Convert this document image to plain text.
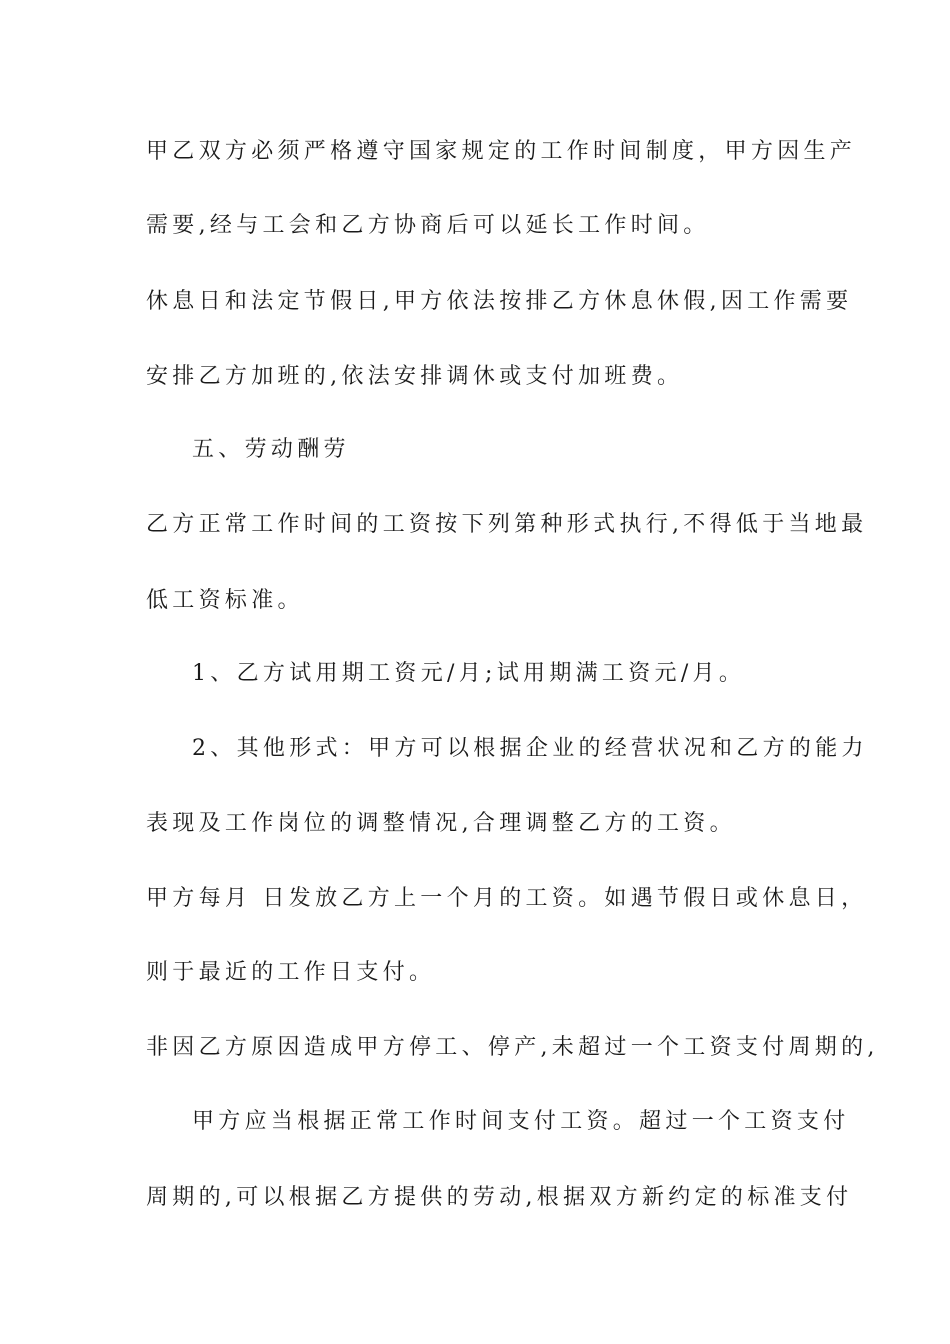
甲乙双方必须严格遵守国家规定的工作时间制度，甲方因生产
需要,经与工会和乙方协商后可以延长工作时间。
休息日和法定节假日,甲方依法按排乙方休息休假,因工作需要
安排乙方加班的,依法安排调休或支付加班费。
五、劳动酬劳
乙方正常工作时间的工资按下列第种形式执行,不得低于当地最
低工资标准。
1、乙方试用期工资元/月;试用期满工资元/月。
2、其他形式：甲方可以根据企业的经营状况和乙方的能力
表现及工作岗位的调整情况,合理调整乙方的工资。
甲方每月 日发放乙方上一个月的工资。如遇节假日或休息日，
则于最近的工作日支付。
非因乙方原因造成甲方停工、停产,未超过一个工资支付周期的,
甲方应当根据正常工作时间支付工资。超过一个工资支付
周期的,可以根据乙方提供的劳动,根据双方新约定的标准支付
